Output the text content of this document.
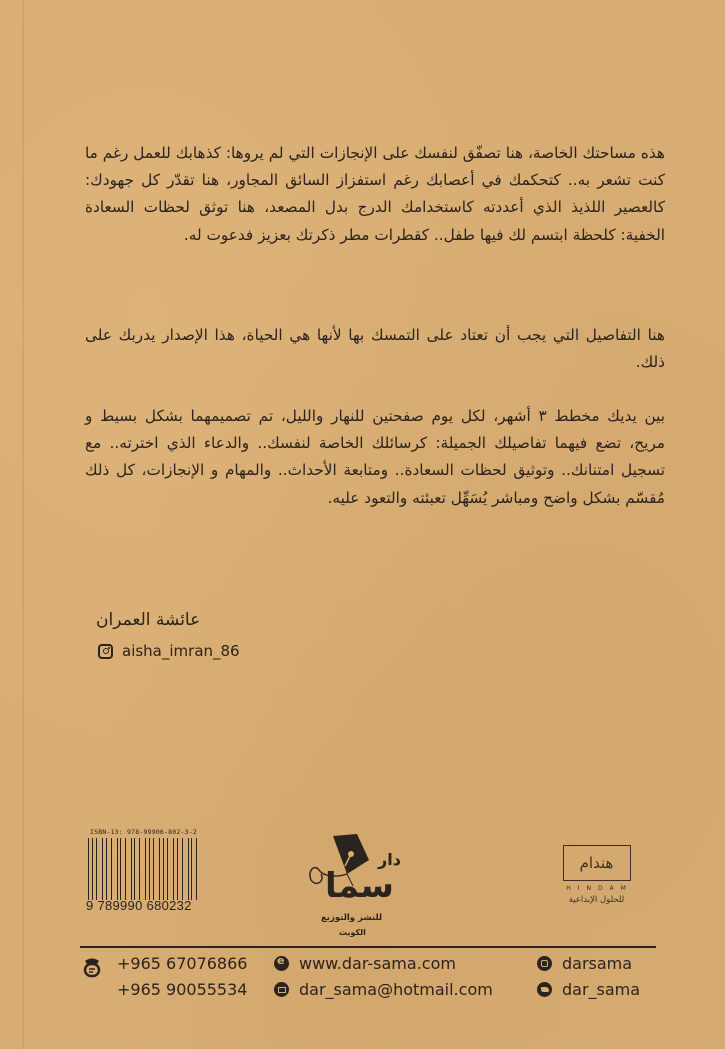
هذه مساحتك الخاصة، هنا تصفّق لنفسك على الإنجازات التي لم يروها: كذهابك للعمل رغم ما كنت تشعر به.. كتحكمك في أعصابك رغم استفزاز السائق المجاور، هنا تقدّر كل جهودك: كالعصير اللذيذ الذي أعددته كاستخدامك الدرج بدل المصعد، هنا توثق لحظات السعادة الخفية: كلحظة ابتسم لك فيها طفل.. كقطرات مطر ذكرتك بعزيز فدعوت له.

هنا التفاصيل التي يجب أن تعتاد على التمسك بها لأنها هي الحياة، هذا الإصدار يدربك على ذلك.

بين يديك مخطط ٣ أشهر، لكل يوم صفحتين للنهار والليل، تم تصميمهما بشكل بسيط و مريح، تضع فيهما تفاصيلك الجميلة: كرسائلك الخاصة لنفسك.. والدعاء الذي اخترته.. مع تسجيل امتنانك.. وتوثيق لحظات السعادة.. ومتابعة الأحداث.. والمهام و الإنجازات، كل ذلك مُقسّم بشكل واضح ومباشر يُسَهِّل تعبئته والتعود عليه.

عائشة العمران
aisha_imran_86
ISBN-13: 978-99906-802-3-2
9 789990 680232
دار
سما
للنشر والتوزيع
الكويت
هندام
HINDAM
للحلول الإبداعية
+965 67076866
+965 90055534
e
www.dar-sama.com
dar_sama@hotmail.com
darsama
dar_sama
